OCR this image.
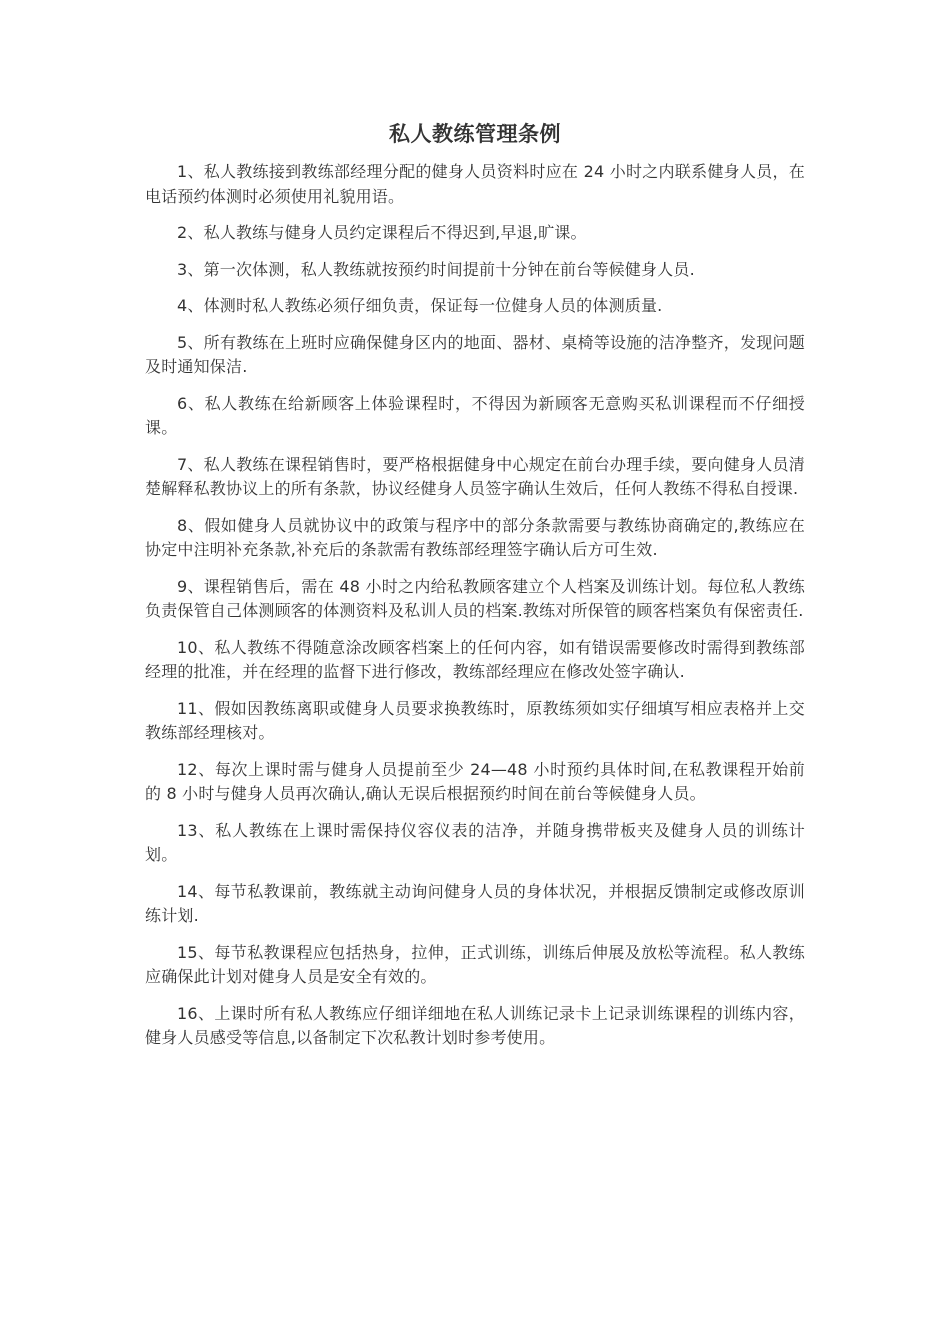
私人教练管理条例

1、私人教练接到教练部经理分配的健身人员资料时应在 24 小时之内联系健身人员，在电话预约体测时必须使用礼貌用语。

2、私人教练与健身人员约定课程后不得迟到,早退,旷课。

3、第一次体测，私人教练就按预约时间提前十分钟在前台等候健身人员.

4、体测时私人教练必须仔细负责，保证每一位健身人员的体测质量.

5、所有教练在上班时应确保健身区内的地面、器材、桌椅等设施的洁净整齐，发现问题及时通知保洁.

6、私人教练在给新顾客上体验课程时，不得因为新顾客无意购买私训课程而不仔细授课。

7、私人教练在课程销售时，要严格根据健身中心规定在前台办理手续，要向健身人员清楚解释私教协议上的所有条款，协议经健身人员签字确认生效后，任何人教练不得私自授课.

8、假如健身人员就协议中的政策与程序中的部分条款需要与教练协商确定的,教练应在协定中注明补充条款,补充后的条款需有教练部经理签字确认后方可生效.

9、课程销售后，需在 48 小时之内给私教顾客建立个人档案及训练计划。每位私人教练负责保管自己体测顾客的体测资料及私训人员的档案.教练对所保管的顾客档案负有保密责任.

10、私人教练不得随意涂改顾客档案上的任何内容，如有错误需要修改时需得到教练部经理的批准，并在经理的监督下进行修改，教练部经理应在修改处签字确认.

11、假如因教练离职或健身人员要求换教练时，原教练须如实仔细填写相应表格并上交教练部经理核对。

12、每次上课时需与健身人员提前至少 24—48 小时预约具体时间,在私教课程开始前的 8 小时与健身人员再次确认,确认无误后根据预约时间在前台等候健身人员。

13、私人教练在上课时需保持仪容仪表的洁净，并随身携带板夹及健身人员的训练计划。

14、每节私教课前，教练就主动询问健身人员的身体状况，并根据反馈制定或修改原训练计划.

15、每节私教课程应包括热身，拉伸，正式训练，训练后伸展及放松等流程。私人教练应确保此计划对健身人员是安全有效的。

16、上课时所有私人教练应仔细详细地在私人训练记录卡上记录训练课程的训练内容，健身人员感受等信息,以备制定下次私教计划时参考使用。
